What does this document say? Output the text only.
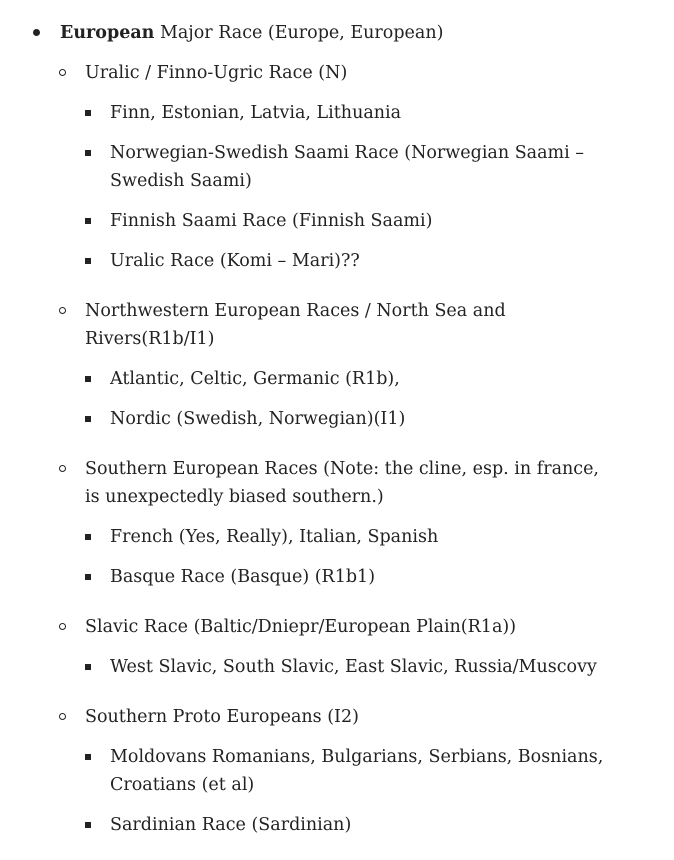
European Major Race (Europe, European)
Uralic / Finno-Ugric Race (N)
Finn, Estonian, Latvia, Lithuania
Norwegian-Swedish Saami Race (Norwegian Saami – Swedish Saami)
Finnish Saami Race (Finnish Saami)
Uralic Race (Komi – Mari)??
Northwestern European Races / North Sea and Rivers(R1b/I1)
Atlantic, Celtic, Germanic (R1b),
Nordic (Swedish, Norwegian)(I1)
Southern European Races (Note: the cline, esp. in france, is unexpectedly biased southern.)
French (Yes, Really), Italian, Spanish
Basque Race (Basque) (R1b1)
Slavic Race (Baltic/Dniepr/European Plain(R1a))
West Slavic, South Slavic, East Slavic, Russia/Muscovy
Southern Proto Europeans (I2)
Moldovans Romanians, Bulgarians, Serbians, Bosnians, Croatians (et al)
Sardinian Race (Sardinian)
